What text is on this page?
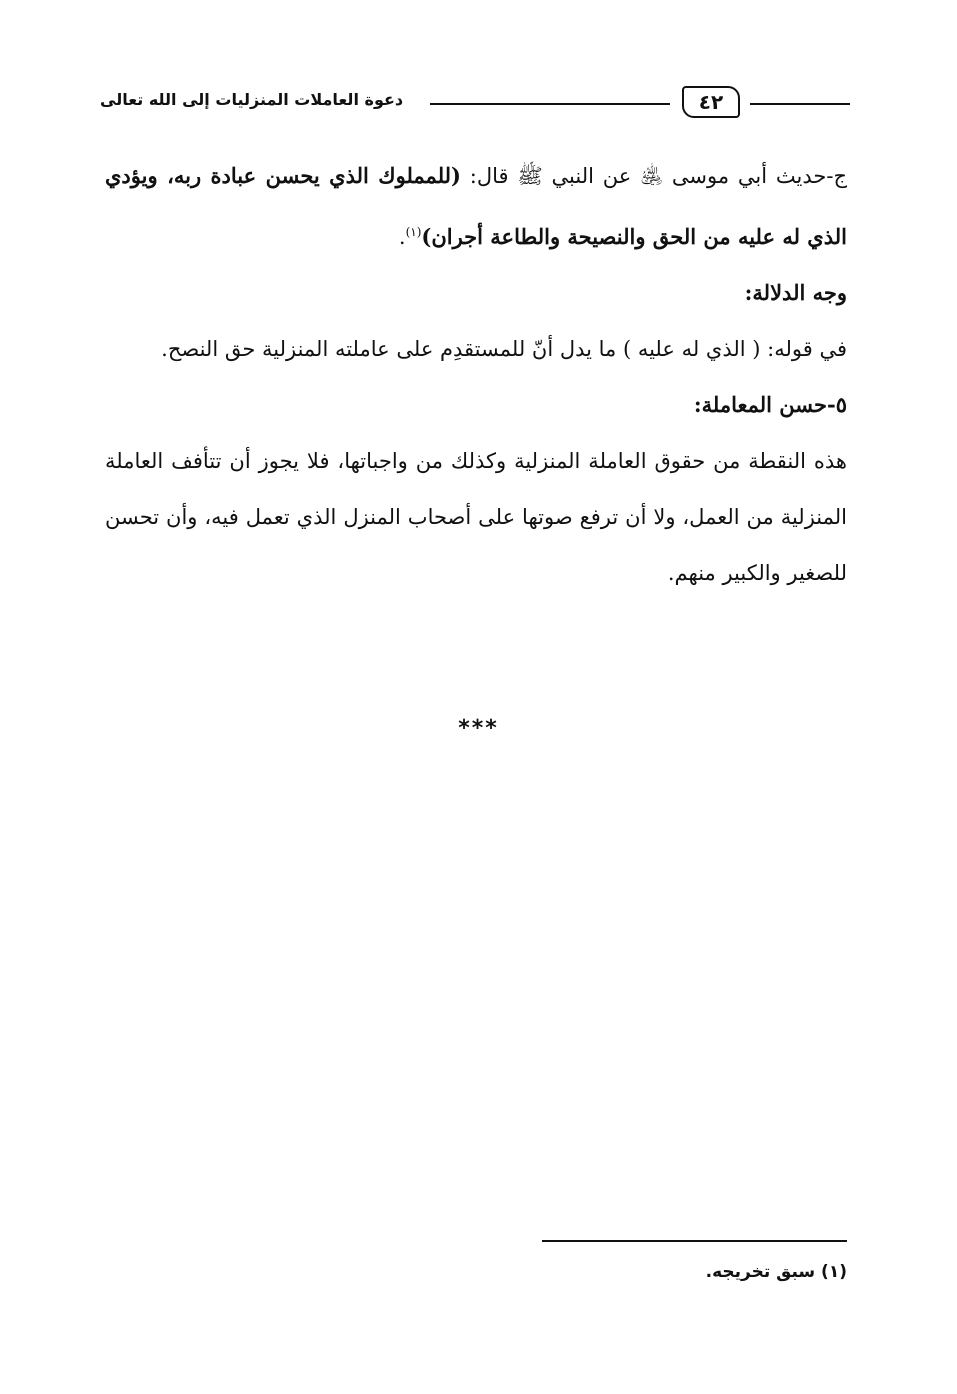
٤٢
دعوة العاملات المنزليات إلى الله تعالى

ج-حديث أبي موسى ﵁ عن النبي ﷺ قال: (للمملوك الذي يحسن عبادة ربه، ويؤدي الذي له عليه من الحق والنصيحة والطاعة أجران)$^{(١)}$.

وجه الدلالة:

في قوله: ( الذي له عليه ) ما يدل أنّ للمستقدِم على عاملته المنزلية حق النصح.

٥-حسن المعاملة:

هذه النقطة من حقوق العاملة المنزلية وكذلك من واجباتها، فلا يجوز أن تتأفف العاملة المنزلية من العمل، ولا أن ترفع صوتها على أصحاب المنزل الذي تعمل فيه، وأن تحسن للصغير والكبير منهم.

***
(١) سبق تخريجه.
